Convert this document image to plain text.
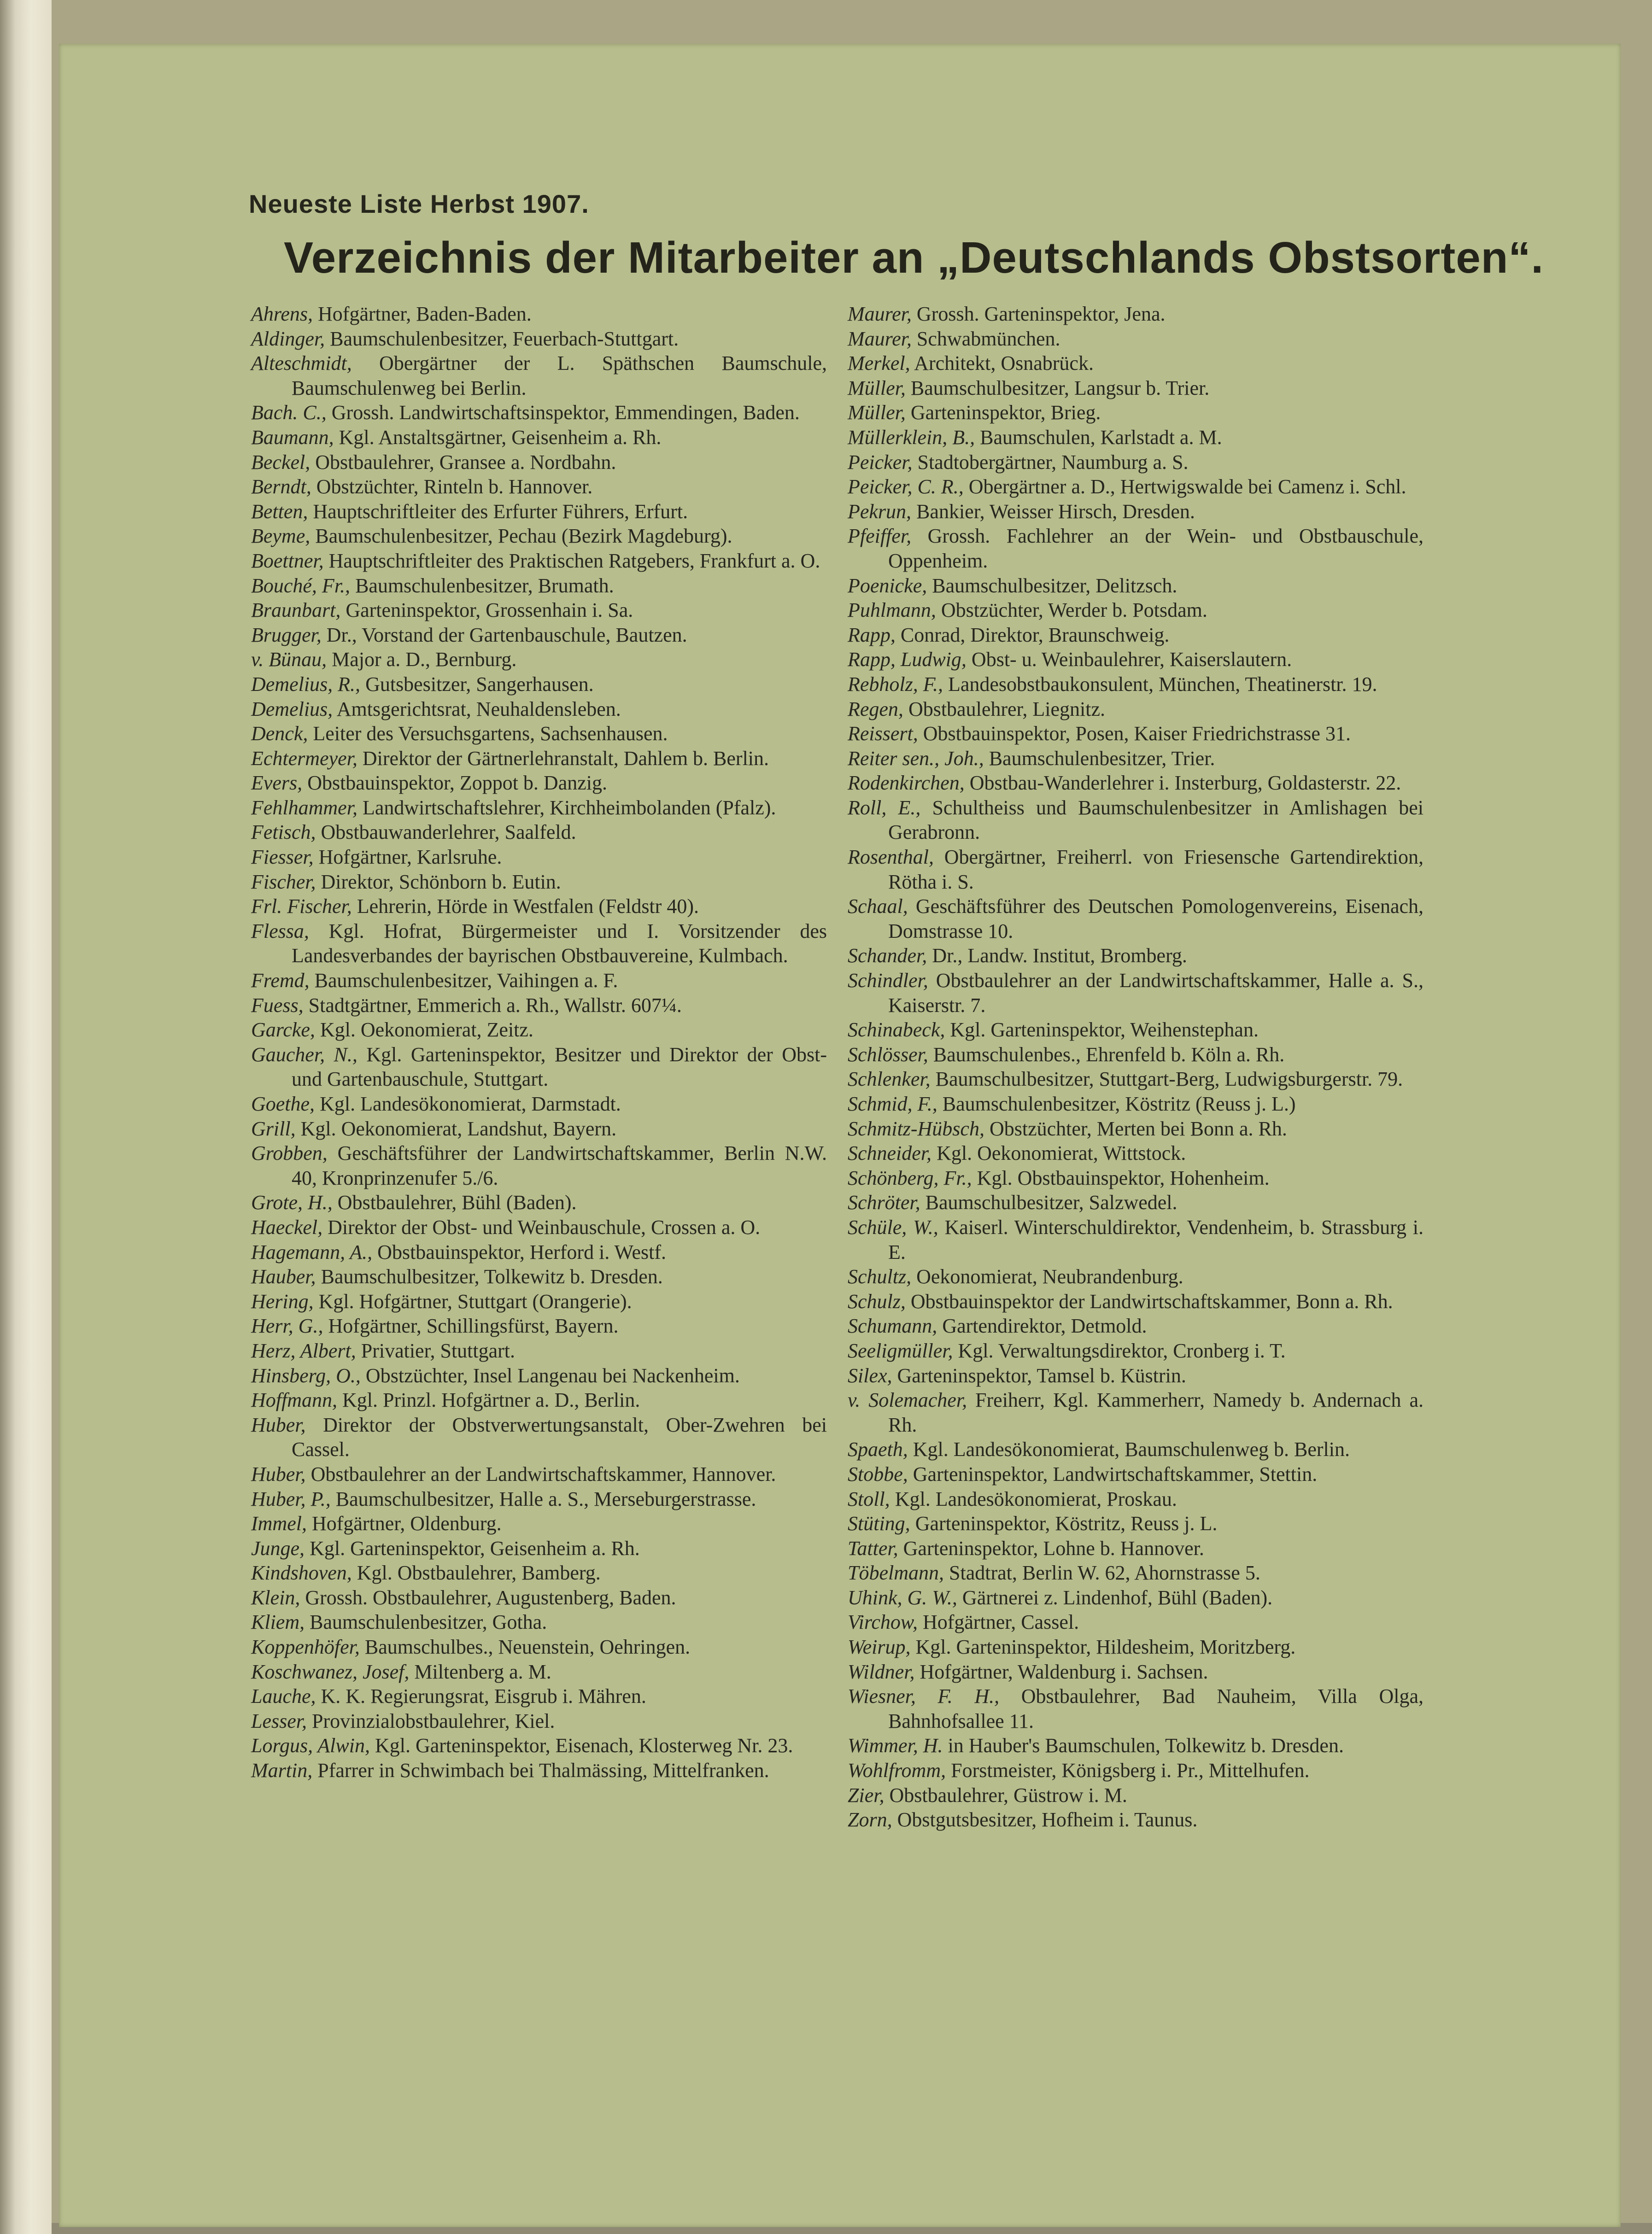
Neueste Liste Herbst 1907.
Verzeichnis der Mitarbeiter an „Deutschlands Obstsorten“.
Ahrens, Hofgärtner, Baden-Baden.
Aldinger, Baumschulenbesitzer, Feuerbach-Stuttgart.
Alteschmidt, Obergärtner der L. Späthschen Baumschule, Baumschulenweg bei Berlin.
Bach. C., Grossh. Landwirtschaftsinspektor, Emmendingen, Baden.
Baumann, Kgl. Anstaltsgärtner, Geisenheim a. Rh.
Beckel, Obstbaulehrer, Gransee a. Nordbahn.
Berndt, Obstzüchter, Rinteln b. Hannover.
Betten, Hauptschriftleiter des Erfurter Führers, Erfurt.
Beyme, Baumschulenbesitzer, Pechau (Bezirk Magdeburg).
Boettner, Hauptschriftleiter des Praktischen Ratgebers, Frankfurt a. O.
Bouché, Fr., Baumschulenbesitzer, Brumath.
Braunbart, Garteninspektor, Grossenhain i. Sa.
Brugger, Dr., Vorstand der Gartenbauschule, Bautzen.
v. Bünau, Major a. D., Bernburg.
Demelius, R., Gutsbesitzer, Sangerhausen.
Demelius, Amtsgerichtsrat, Neuhaldensleben.
Denck, Leiter des Versuchsgartens, Sachsenhausen.
Echtermeyer, Direktor der Gärtnerlehranstalt, Dahlem b. Berlin.
Evers, Obstbauinspektor, Zoppot b. Danzig.
Fehlhammer, Landwirtschaftslehrer, Kirchheimbolanden (Pfalz).
Fetisch, Obstbauwanderlehrer, Saalfeld.
Fiesser, Hofgärtner, Karlsruhe.
Fischer, Direktor, Schönborn b. Eutin.
Frl. Fischer, Lehrerin, Hörde in Westfalen (Feldstr 40).
Flessa, Kgl. Hofrat, Bürgermeister und I. Vorsitzender des Landesverbandes der bayrischen Obstbauvereine, Kulmbach.
Fremd, Baumschulenbesitzer, Vaihingen a. F.
Fuess, Stadtgärtner, Emmerich a. Rh., Wallstr. 607¼.
Garcke, Kgl. Oekonomierat, Zeitz.
Gaucher, N., Kgl. Garteninspektor, Besitzer und Direktor der Obst- und Gartenbauschule, Stuttgart.
Goethe, Kgl. Landesökonomierat, Darmstadt.
Grill, Kgl. Oekonomierat, Landshut, Bayern.
Grobben, Geschäftsführer der Landwirtschaftskammer, Berlin N.W. 40, Kronprinzenufer 5./6.
Grote, H., Obstbaulehrer, Bühl (Baden).
Haeckel, Direktor der Obst- und Weinbauschule, Crossen a. O.
Hagemann, A., Obstbauinspektor, Herford i. Westf.
Hauber, Baumschulbesitzer, Tolkewitz b. Dresden.
Hering, Kgl. Hofgärtner, Stuttgart (Orangerie).
Herr, G., Hofgärtner, Schillingsfürst, Bayern.
Herz, Albert, Privatier, Stuttgart.
Hinsberg, O., Obstzüchter, Insel Langenau bei Nackenheim.
Hoffmann, Kgl. Prinzl. Hofgärtner a. D., Berlin.
Huber, Direktor der Obstverwertungsanstalt, Ober-Zwehren bei Cassel.
Huber, Obstbaulehrer an der Landwirtschaftskammer, Hannover.
Huber, P., Baumschulbesitzer, Halle a. S., Merseburgerstrasse.
Immel, Hofgärtner, Oldenburg.
Junge, Kgl. Garteninspektor, Geisenheim a. Rh.
Kindshoven, Kgl. Obstbaulehrer, Bamberg.
Klein, Grossh. Obstbaulehrer, Augustenberg, Baden.
Kliem, Baumschulenbesitzer, Gotha.
Koppenhöfer, Baumschulbes., Neuenstein, Oehringen.
Koschwanez, Josef, Miltenberg a. M.
Lauche, K. K. Regierungsrat, Eisgrub i. Mähren.
Lesser, Provinzialobstbaulehrer, Kiel.
Lorgus, Alwin, Kgl. Garteninspektor, Eisenach, Klosterweg Nr. 23.
Martin, Pfarrer in Schwimbach bei Thalmässing, Mittelfranken.
Maurer, Grossh. Garteninspektor, Jena.
Maurer, Schwabmünchen.
Merkel, Architekt, Osnabrück.
Müller, Baumschulbesitzer, Langsur b. Trier.
Müller, Garteninspektor, Brieg.
Müllerklein, B., Baumschulen, Karlstadt a. M.
Peicker, Stadtobergärtner, Naumburg a. S.
Peicker, C. R., Obergärtner a. D., Hertwigswalde bei Camenz i. Schl.
Pekrun, Bankier, Weisser Hirsch, Dresden.
Pfeiffer, Grossh. Fachlehrer an der Wein- und Obstbauschule, Oppenheim.
Poenicke, Baumschulbesitzer, Delitzsch.
Puhlmann, Obstzüchter, Werder b. Potsdam.
Rapp, Conrad, Direktor, Braunschweig.
Rapp, Ludwig, Obst- u. Weinbaulehrer, Kaiserslautern.
Rebholz, F., Landesobstbaukonsulent, München, Theatinerstr. 19.
Regen, Obstbaulehrer, Liegnitz.
Reissert, Obstbauinspektor, Posen, Kaiser Friedrichstrasse 31.
Reiter sen., Joh., Baumschulenbesitzer, Trier.
Rodenkirchen, Obstbau-Wanderlehrer i. Insterburg, Goldasterstr. 22.
Roll, E., Schultheiss und Baumschulenbesitzer in Amlishagen bei Gerabronn.
Rosenthal, Obergärtner, Freiherrl. von Friesensche Gartendirektion, Rötha i. S.
Schaal, Geschäftsführer des Deutschen Pomologenvereins, Eisenach, Domstrasse 10.
Schander, Dr., Landw. Institut, Bromberg.
Schindler, Obstbaulehrer an der Landwirtschaftskammer, Halle a. S., Kaiserstr. 7.
Schinabeck, Kgl. Garteninspektor, Weihenstephan.
Schlösser, Baumschulenbes., Ehrenfeld b. Köln a. Rh.
Schlenker, Baumschulbesitzer, Stuttgart-Berg, Ludwigsburgerstr. 79.
Schmid, F., Baumschulenbesitzer, Köstritz (Reuss j. L.)
Schmitz-Hübsch, Obstzüchter, Merten bei Bonn a. Rh.
Schneider, Kgl. Oekonomierat, Wittstock.
Schönberg, Fr., Kgl. Obstbauinspektor, Hohenheim.
Schröter, Baumschulbesitzer, Salzwedel.
Schüle, W., Kaiserl. Winterschuldirektor, Vendenheim, b. Strassburg i. E.
Schultz, Oekonomierat, Neubrandenburg.
Schulz, Obstbauinspektor der Landwirtschaftskammer, Bonn a. Rh.
Schumann, Gartendirektor, Detmold.
Seeligmüller, Kgl. Verwaltungsdirektor, Cronberg i. T.
Silex, Garteninspektor, Tamsel b. Küstrin.
v. Solemacher, Freiherr, Kgl. Kammerherr, Namedy b. Andernach a. Rh.
Spaeth, Kgl. Landesökonomierat, Baumschulenweg b. Berlin.
Stobbe, Garteninspektor, Landwirtschaftskammer, Stettin.
Stoll, Kgl. Landesökonomierat, Proskau.
Stüting, Garteninspektor, Köstritz, Reuss j. L.
Tatter, Garteninspektor, Lohne b. Hannover.
Töbelmann, Stadtrat, Berlin W. 62, Ahornstrasse 5.
Uhink, G. W., Gärtnerei z. Lindenhof, Bühl (Baden).
Virchow, Hofgärtner, Cassel.
Weirup, Kgl. Garteninspektor, Hildesheim, Moritzberg.
Wildner, Hofgärtner, Waldenburg i. Sachsen.
Wiesner, F. H., Obstbaulehrer, Bad Nauheim, Villa Olga, Bahnhofsallee 11.
Wimmer, H. in Hauber's Baumschulen, Tolkewitz b. Dresden.
Wohlfromm, Forstmeister, Königsberg i. Pr., Mittelhufen.
Zier, Obstbaulehrer, Güstrow i. M.
Zorn, Obstgutsbesitzer, Hofheim i. Taunus.
